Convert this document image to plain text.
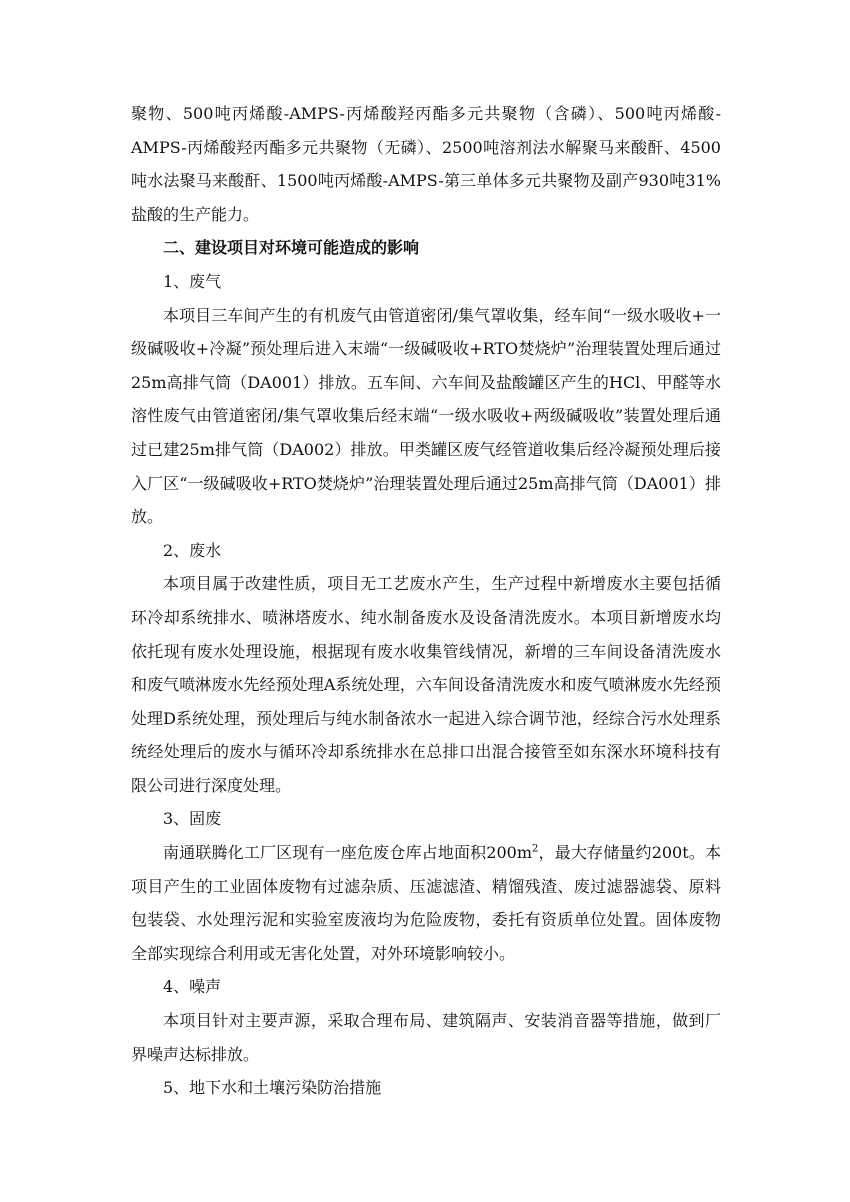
聚物、500吨丙烯酸-AMPS-丙烯酸羟丙酯多元共聚物（含磷）、500吨丙烯酸-AMPS-丙烯酸羟丙酯多元共聚物（无磷）、2500吨溶剂法水解聚马来酸酐、4500吨水法聚马来酸酐、1500吨丙烯酸-AMPS-第三单体多元共聚物及副产930吨31%盐酸的生产能力。

二、建设项目对环境可能造成的影响

1、废气

本项目三车间产生的有机废气由管道密闭/集气罩收集，经车间“一级水吸收+一级碱吸收+冷凝”预处理后进入末端“一级碱吸收+RTO焚烧炉”治理装置处理后通过25m高排气筒（DA001）排放。五车间、六车间及盐酸罐区产生的HCl、甲醛等水溶性废气由管道密闭/集气罩收集后经末端“一级水吸收+两级碱吸收”装置处理后通过已建25m排气筒（DA002）排放。甲类罐区废气经管道收集后经冷凝预处理后接入厂区“一级碱吸收+RTO焚烧炉”治理装置处理后通过25m高排气筒（DA001）排放。

2、废水

本项目属于改建性质，项目无工艺废水产生，生产过程中新增废水主要包括循环冷却系统排水、喷淋塔废水、纯水制备废水及设备清洗废水。本项目新增废水均依托现有废水处理设施，根据现有废水收集管线情况，新增的三车间设备清洗废水和废气喷淋废水先经预处理A系统处理，六车间设备清洗废水和废气喷淋废水先经预处理D系统处理，预处理后与纯水制备浓水一起进入综合调节池，经综合污水处理系统经处理后的废水与循环冷却系统排水在总排口出混合接管至如东深水环境科技有限公司进行深度处理。

3、固废

南通联腾化工厂区现有一座危废仓库占地面积$200m^2$，最大存储量约200t。本项目产生的工业固体废物有过滤杂质、压滤滤渣、精馏残渣、废过滤器滤袋、原料包装袋、水处理污泥和实验室废液均为危险废物，委托有资质单位处置。固体废物全部实现综合利用或无害化处置，对外环境影响较小。

4、噪声

本项目针对主要声源，采取合理布局、建筑隔声、安装消音器等措施，做到厂界噪声达标排放。

5、地下水和土壤污染防治措施
